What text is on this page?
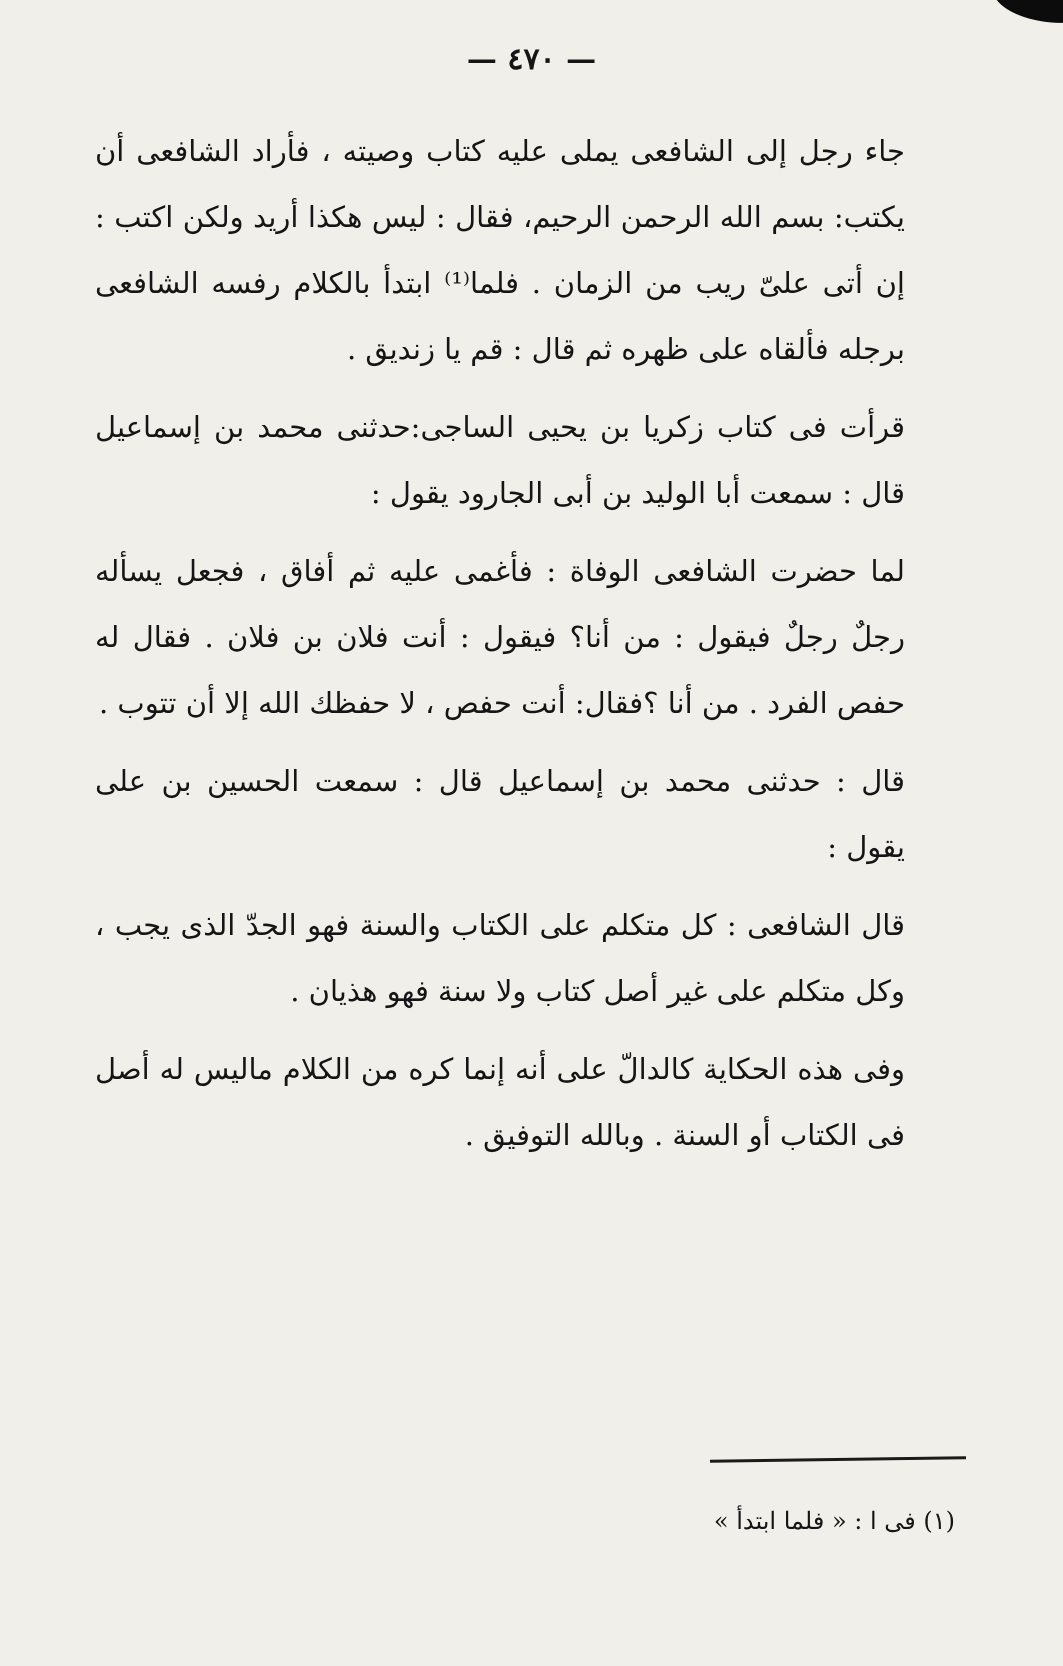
— ٤٧٠ —

جاء رجل إلى الشافعى يملى عليه كتاب وصيته ، فأراد الشافعى أن يكتب: بسم الله الرحمن الرحيم، فقال : ليس هكذا أريد ولكن اكتب : إن أتى علىّ ريب من الزمان . فلما⁽¹⁾ ابتدأ بالكلام رفسه الشافعى برجله فألقاه على ظهره ثم قال : قم يا زنديق .

قرأت فى كتاب زكريا بن يحيى الساجى:حدثنى محمد بن إسماعيل قال : سمعت أبا الوليد بن أبى الجارود يقول :

لما حضرت الشافعى الوفاة : فأغمى عليه ثم أفاق ، فجعل يسأله رجلٌ رجلٌ فيقول : من أنا؟ فيقول : أنت فلان بن فلان . فقال له حفص الفرد . من أنا ؟فقال: أنت حفص ، لا حفظك الله إلا أن تتوب .

قال : حدثنى محمد بن إسماعيل قال : سمعت الحسين بن على يقول :

قال الشافعى : كل متكلم على الكتاب والسنة فهو الجدّ الذى يجب ، وكل متكلم على غير أصل كتاب ولا سنة فهو هذيان .

وفى هذه الحكاية كالدالّ على أنه إنما كره من الكلام ماليس له أصل فى الكتاب أو السنة . وبالله التوفيق .

(١) فى ا : « فلما ابتدأ »
